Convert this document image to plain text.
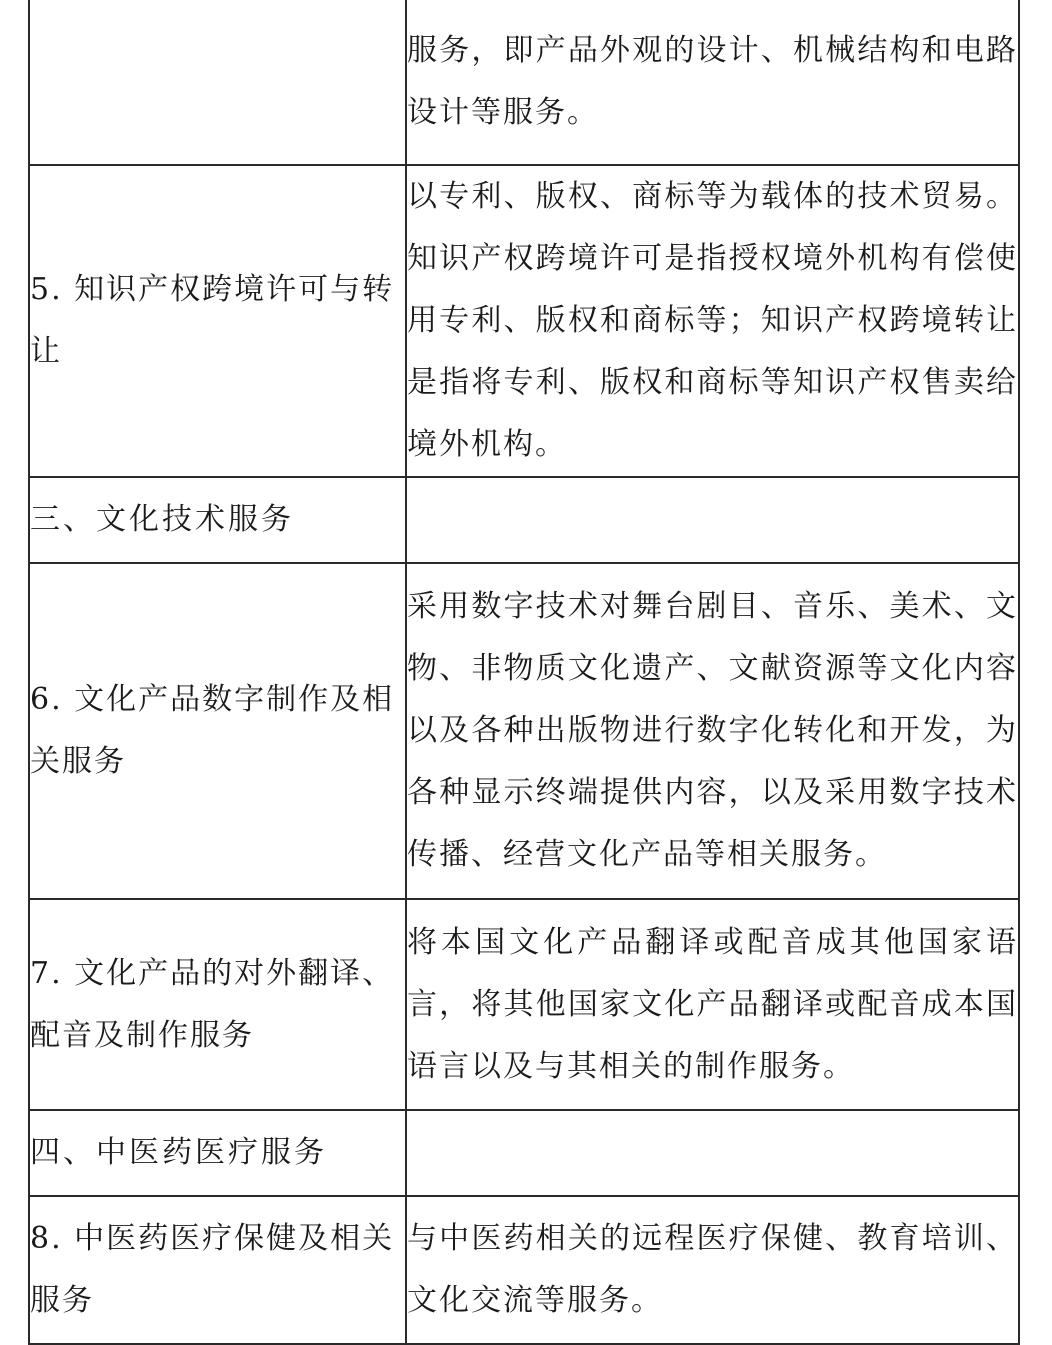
	服务，即产品外观的设计、机械结构和电路设计等服务。

5. 知识产权跨境许可与转让	以专利、版权、商标等为载体的技术贸易。知识产权跨境许可是指授权境外机构有偿使用专利、版权和商标等；知识产权跨境转让是指将专利、版权和商标等知识产权售卖给境外机构。

三、文化技术服务	

6. 文化产品数字制作及相关服务	采用数字技术对舞台剧目、音乐、美术、文物、非物质文化遗产、文献资源等文化内容以及各种出版物进行数字化转化和开发，为各种显示终端提供内容，以及采用数字技术传播、经营文化产品等相关服务。

7. 文化产品的对外翻译、配音及制作服务	将本国文化产品翻译或配音成其他国家语言，将其他国家文化产品翻译或配音成本国语言以及与其相关的制作服务。

四、中医药医疗服务	

8. 中医药医疗保健及相关服务	与中医药相关的远程医疗保健、教育培训、文化交流等服务。
